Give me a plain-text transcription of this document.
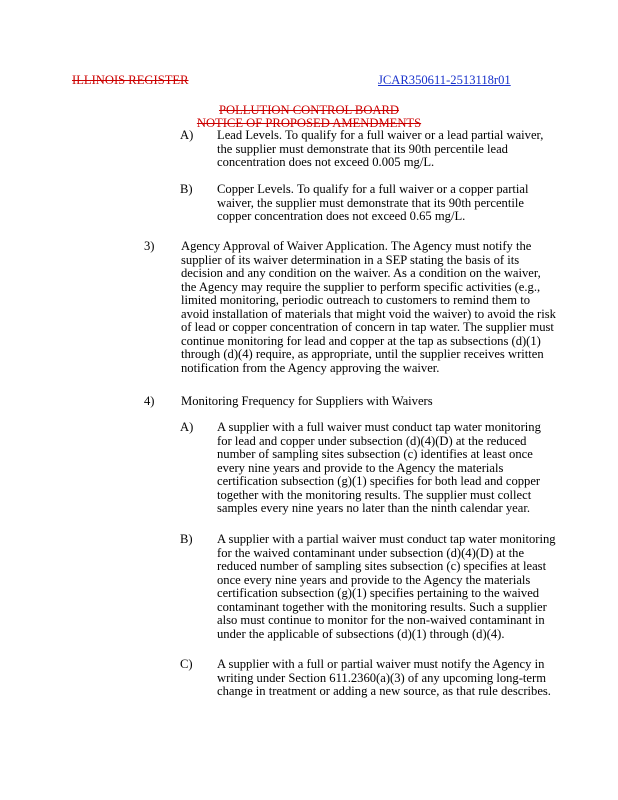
ILLINOIS REGISTER	JCAR350611-2513118r01
POLLUTION CONTROL BOARD
NOTICE OF PROPOSED AMENDMENTS
A) Lead Levels. To qualify for a full waiver or a lead partial waiver,
the supplier must demonstrate that its 90th percentile lead
concentration does not exceed 0.005 mg/L.
B) Copper Levels. To qualify for a full waiver or a copper partial
waiver, the supplier must demonstrate that its 90th percentile
copper concentration does not exceed 0.65 mg/L.
3) Agency Approval of Waiver Application. The Agency must notify the
supplier of its waiver determination in a SEP stating the basis of its
decision and any condition on the waiver. As a condition on the waiver,
the Agency may require the supplier to perform specific activities (e.g.,
limited monitoring, periodic outreach to customers to remind them to
avoid installation of materials that might void the waiver) to avoid the risk
of lead or copper concentration of concern in tap water. The supplier must
continue monitoring for lead and copper at the tap as subsections (d)(1)
through (d)(4) require, as appropriate, until the supplier receives written
notification from the Agency approving the waiver.
4) Monitoring Frequency for Suppliers with Waivers
A) A supplier with a full waiver must conduct tap water monitoring
for lead and copper under subsection (d)(4)(D) at the reduced
number of sampling sites subsection (c) identifies at least once
every nine years and provide to the Agency the materials
certification subsection (g)(1) specifies for both lead and copper
together with the monitoring results. The supplier must collect
samples every nine years no later than the ninth calendar year.
B) A supplier with a partial waiver must conduct tap water monitoring
for the waived contaminant under subsection (d)(4)(D) at the
reduced number of sampling sites subsection (c) specifies at least
once every nine years and provide to the Agency the materials
certification subsection (g)(1) specifies pertaining to the waived
contaminant together with the monitoring results. Such a supplier
also must continue to monitor for the non-waived contaminant in
under the applicable of subsections (d)(1) through (d)(4).
C) A supplier with a full or partial waiver must notify the Agency in
writing under Section 611.2360(a)(3) of any upcoming long-term
change in treatment or adding a new source, as that rule describes.
